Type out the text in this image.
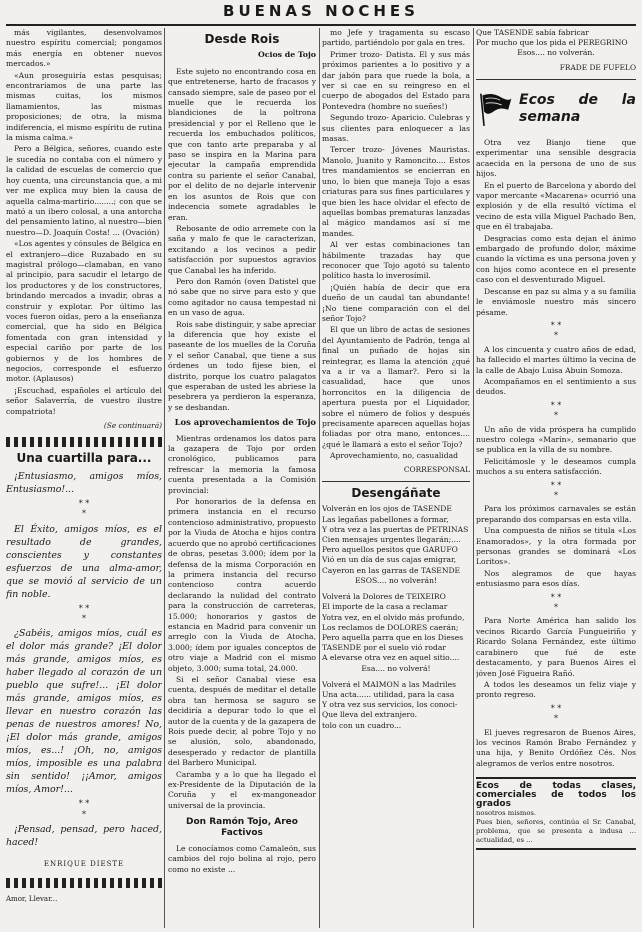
BUENAS NOCHES

más vigilantes, desenvolvamos nuestro espíritu comercial; pongamos más energía en obtener nuevos mercados.»

«Aun proseguiría estas pesquisas; encontraríamos de una parte las mismas cuitas, los mismos llamamientos, las mismas proposiciones; de otra, la misma indiferencia, el mismo espíritu de rutina la misma calma.»

Pero a Bélgica, señores, cuando este le sucedía no contaba con el número y la calidad de escuelas de comercio que hoy cuenta, una circunstancia que, a mi ver me explica muy bien la causa de aquella calma-martirio........; con que se mató a un ibero colosal, a una antorcha del pensamiento latino, al nuestro—bien nuestro—D. Joaquín Costa! ... (Ovación)

«Los agentes y cónsules de Bélgica en el extranjero—dice Ruzabado en su magistral prólogo—clamaban, en vano al principio, para sacudir el letargo de los productores y de los constructores, brindando mercados a invadir, obras a construir y explotar. Por último las voces fueron oídas, pero a la enseñanza comercial, que ha sido en Bélgica fomentada con gran intensidad y especial cariño por parte de los gobiernos y de los hombres de negocios, corresponde el esfuerzo motor. (Aplausos)

¡Escuchad, españoles el artículo del señor Salaverría, de vuestro ilustre compatriota!

(Se continuará)
Una cuartilla para...

¡Entusiasmo, amigos míos, Entusiasmo!...

* *
*

El Éxito, amigos míos, es el resultado de grandes, conscientes y constantes esfuerzos de una alma-amor, que se movió al servicio de un fin noble.

* *
*

¿Sabéis, amigos míos, cuál es el dolor más grande? ¡El dolor más grande, amigos míos, es haber llegado al corazón de un pueblo que sufre!... ¡El dolor más grande, amigos míos, es llevar en nuestro corazón las penas de nuestros amores! No, ¡El dolor más grande, amigos míos, es...! ¡Oh, no, amigos míos, imposible es una palabra sin sentido! ¡¡Amor, amigos míos, Amor!...

* *
*

¡Pensad, pensad, pero haced, haced!

ENRIQUE DIESTE
Amor, Llevar...
Desde Rois
Ocios de Tojo

Este sujeto no encontrando cosa en que entretenerse, harto de fracasos y cansado siempre, sale de paseo por el muelle que le recuerda los blandiciones de la poltrona presidencial y por el Relleno que le recuerda los embuchados políticos, que con tanto arte preparaba y al paso se inspira en la Marina para ejecutar la campaña emprendida contra su pariente el señor Canabal, por el delito de no dejarle intervenir en los asuntos de Rois que con indecencia somete agradables le eran.

Rebosante de odio arremete con la saña y malo fe que le caracterizan, excitando a los vecinos a pedir satisfacción por supuestos agravios que Canabal les ha inferido.

Pero don Ramón (oven Datistel que nó sabe que no sirve para esto y que como agitador no causa tempestad ni en un vaso de agua.

Rois sabe distinguir, y sabe apreciar la diferencia que hoy existe el paseante de los muelles de la Coruña y el señor Canabal, que tiene a sus órdenes un todo fijese bien, el distrito, porque los cuatro palagatos que esperaban de usted les abriese la pesebrera ya perdieron la esperanza, y se desbandan.

Los aprovechamientos de Tojo

Mientras ordenamos los datos para la gazapera de Tojo por orden cronológico, publicamos para refrescar la memoria la famosa cuenta presentada a la Comisión provincial:

Por honorarios de la defensa en primera instancia en el recurso contencioso administrativo, propuesto por la Viuda de Atocha e hijos contra acuerdo que no aprobó certificaciones de obras, pesetas 3.000; ídem por la defensa de la misma Corporación en la primera instancia del recurso contencioso contra acuerdo declarando la nulidad del contrato para la construcción de carreteras, 15.000; honorarios y gastos de estancia en Madrid para convenir un arreglo con la Viuda de Atocha, 3.000; ídem por iguales conceptos de otro viaje a Madrid con el mismo objeto, 3.000; suma total, 24.000.

Si el señor Canabal viese esa cuenta, después de meditar el detalle obra tan hermosa se saguro se decidiría a depurar todo lo que el autor de la cuenta y de la gazapera de Rois puede decir, al pobre Tojo y no se alusión, solo, abandonado, desesperado y redactor de plantilla del Barbero Municipal.

Caramba y a lo que ha llegado el ex-Presidente de la Diputación de la Coruña y el ex-mangoneador universal de la provincia.

Don Ramón Tojo, Areo Factivos

Le conocíamos como Camaleón, sus cambios del rojo bolina al rojo, pero como no existe ...

mo Jefe y tragamenta su escaso partido, partiéndolo por gala en tres.

Primer trozo- Datista. El y sus más próximos parientes a lo positivo y a dar jabón para que ruede la bola, a ver si cae en su reingreso en el cuerpo de abogados del Estado para Pontevedra (hombre no sueñes!)

Segundo trozo- Aparicio. Culebras y sus clientes para enloquecer a las masas.

Tercer trozo- Jóvenes Mauristas. Manolo, Juanito y Ramoncito.... Estos tres mandamientos se encierran en uno, lo bien que maneja Tojo a esas criaturas para sus fines particulares y que bien les hace olvidar el efecto de aquellas bombas prematuras lanzadas al mágico mandamos así sí me mandes.

Al ver estas combinaciones tan hábilmente trazadas hay que reconocer que Tojo agotó su talento político hasta lo inverosímil.

¡Quién había de decir que era dueño de un caudal tan abundante! ¡No tiene comparación con el del señor Tojo?

El que un libro de actas de sesiones del Ayuntamiento de Padrón, tenga al final un puñado de hojas sin reintegrar, es llama la atención ¿qué va a ir va a llamar?. Pero si la casualidad, hace que unos horroncitos en la diligencia de apertura puesta por el Liquidador, sobre el número de folios y después precisamente aparecen aquellas hojas foliadas por otra mano, entonces....¿qué le llamará a esto el señor Tojo?

Aprovechamiento, no, casualidad

CORRESPONSAL
Desengáñate

Volverán en los ojos de TASENDE

Las legañas pabellones a formar,

Y otra vez a las puertas de PETRINAS

Cien mensajes urgentes llegarán;....

Pero aquellos pesitos que GARUFO

Vió en un día de sus cajas emigrar,

Cayeron en las garras de TASENDE

ESOS.... no volverán!

Volverá la Dolores de TEIXEIRO

El importe de la casa a reclamar

Yotra vez, en el olvido más profundo,

Los reclamos de DOLORES caerán;

Pero aquella parra que en los Dieses

TASENDE por el suelo vió rodar

A elevarse otra vez en aquel sitio....

Esa.... no volverá!

Volverá el MAIMON a las Madriles

Una acta...... utilidad, para la casa

Y otra vez sus servicios, los conoci-

Que lleva del extranjero.

tolo con un cuadro...

Que TASENDE sabía fabricar

Por mucho que los pida el PEREGRINO

Esos.... no volverán.

FRADE DE FUFELO
Ecos de la semana

Otra vez Bianjo tiene que experimentar una sensible desgracia acaecida en la persona de uno de sus hijos.

En el puerto de Barcelona y abordo del vapor mercante «Macarena» ocurrió una explosión y de ella resultó víctima el vecino de esta villa Miguel Pachado Ben, que en él trabajaba.

Desgracias como esta dejan el ánimo embargado de profundo dolor, máxime cuando la víctima es una persona joven y con hijos como acontece en el presente caso con el desventurado Miguel.

Descanse en paz su alma y a su familia le enviámosle nuestro más sincero pésame.

* *
*

A los cincuenta y cuatro años de edad, ha fallecido el martes último la vecina de la calle de Abajo Luisa Abuin Somoza.

Acompañamos en el sentimiento a sus deudos.

* *
*

Un año de vida próspera ha cumplido nuestro colega «Marín», semanario que se publica en la villa de su nombre.

Felicitámosle y le deseamos cumpla muchos a su entera satisfacción.

* *
*

Para los próximos carnavales se están preparando dos comparsas en esta villa.

Una compuesta de niños se titula «Los Enamorados», y la otra formada por personas grandes se dominará «Los Loritos».

Nos alegramos de que hayas entusiasmo para esos días.

* *
*

Para Norte América han salido los vecinos Ricardo García Fungueiriño y Ricardo Solana Fernández, este último carabinero que fué de este destacamento, y para Buenos Aires el jóven José Figueira Rañó.

A todos les deseamos un feliz viaje y pronto regreso.

* *
*

El jueves regresaron de Buenos Aires, los vecinos Ramón Brabo Fernández y una hija, y Benito Ordóñez Cés. Nos alegramos de verlos entre nosotros.

Ecos de todas clases, comerciales de todos los grados
nosotros mismos.
Pues bien, señores, continúa el Sr. Canabal, problema, que se presenta a indusa ... actualidad, es ...
